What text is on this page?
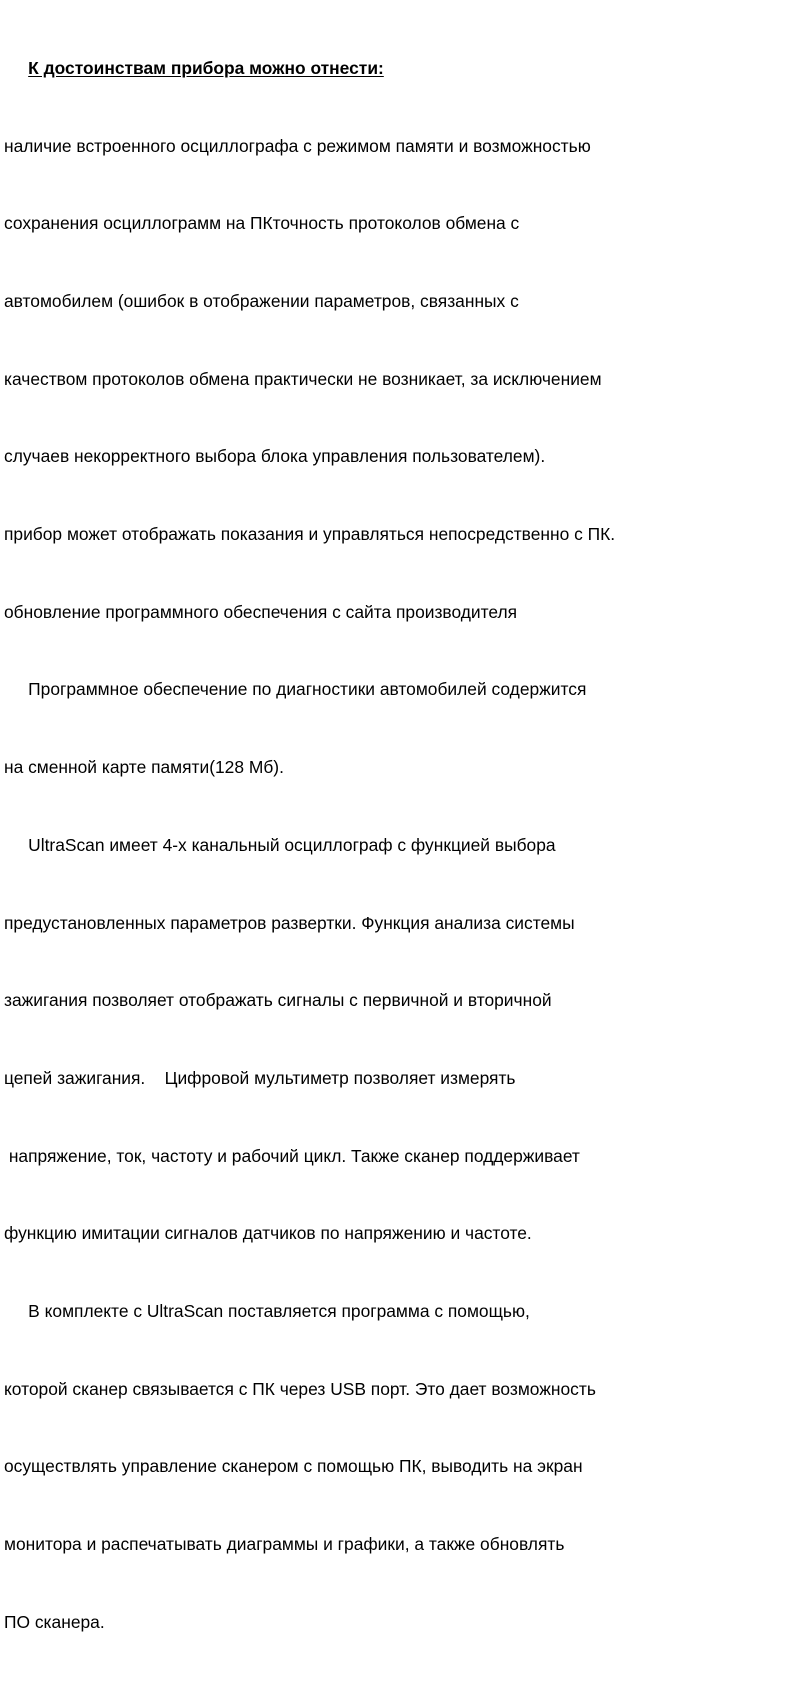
К достоинствам прибора можно отнести:

наличие встроенного осциллографа с режимом памяти и возможностью

сохранения осциллограмм на ПКточность протоколов обмена с

автомобилем (ошибок в отображении параметров, связанных с

качеством протоколов обмена практически не возникает, за исключением

случаев некорректного выбора блока управления пользователем).

прибор может отображать показания и управляться непосредственно с ПК.

обновление программного обеспечения с сайта производителя

Программное обеспечение по диагностики автомобилей содержится

на сменной карте памяти(128 Мб).

UltraScan имеет 4-х канальный осциллограф с функцией выбора

предустановленных параметров развертки. Функция анализа системы

зажигания позволяет отображать сигналы с первичной и вторичной

цепей зажигания.    Цифровой мультиметр позволяет измерять

напряжение, ток, частоту и рабочий цикл. Также сканер поддерживает

функцию имитации сигналов датчиков по напряжению и частоте.

В комплекте с UltraScan поставляется программа с помощью,

которой сканер связывается с ПК через USB порт. Это дает возможность

осуществлять управление сканером с помощью ПК, выводить на экран

монитора и распечатывать диаграммы и графики, а также обновлять

ПО сканера.
